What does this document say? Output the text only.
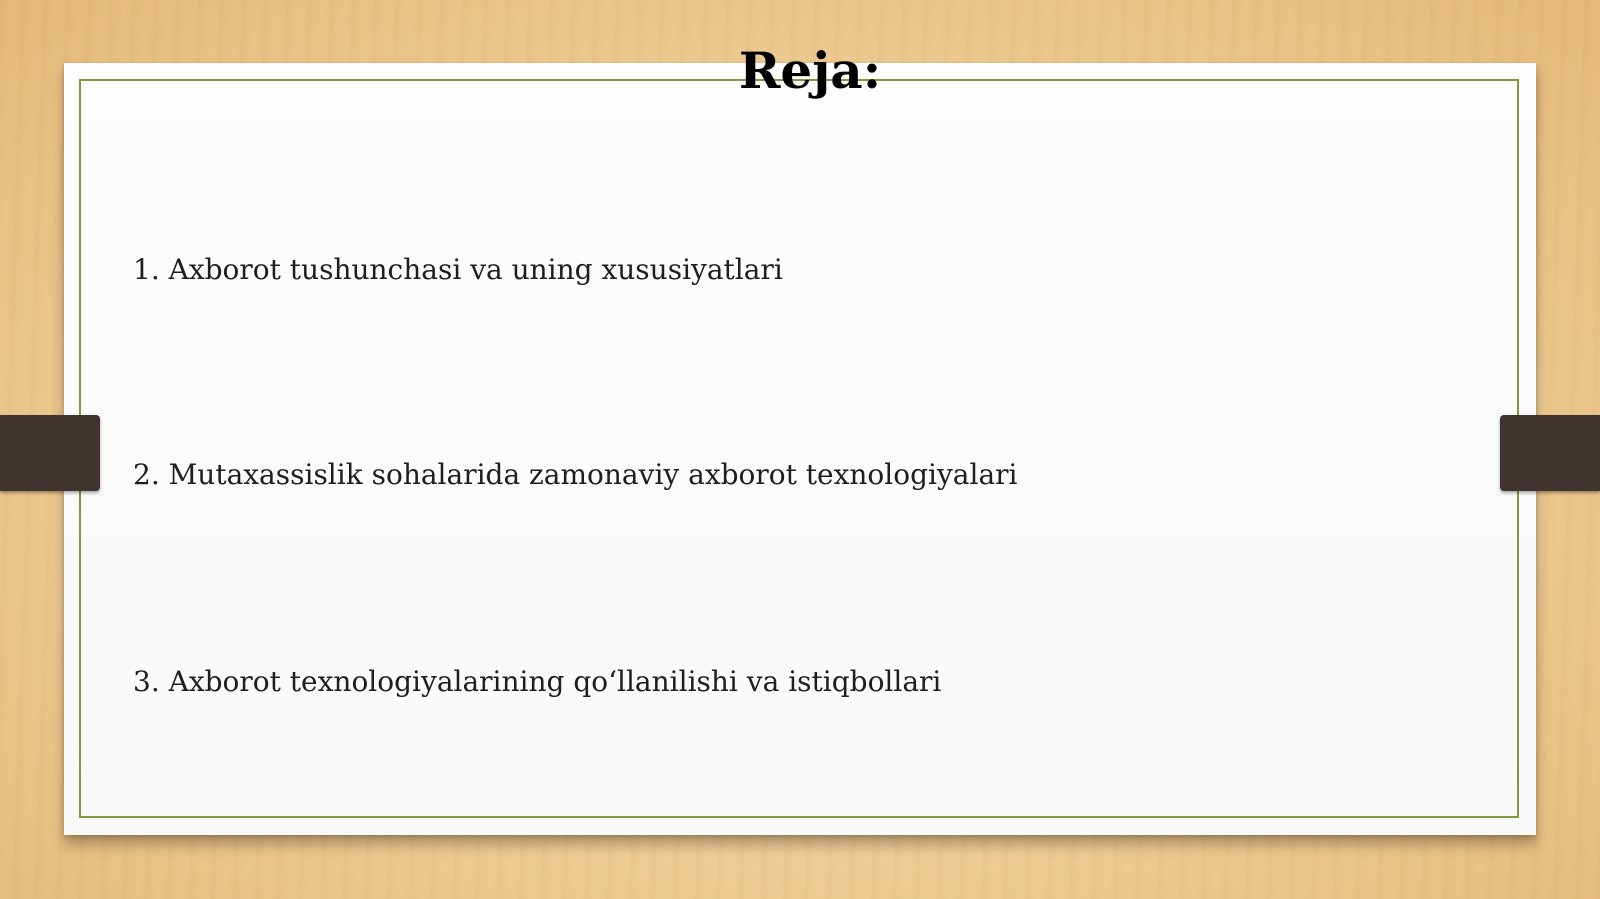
Reja:

1. Axborot tushunchasi va uning xususiyatlari

2. Mutaxassislik sohalarida zamonaviy axborot texnologiyalari

3. Axborot texnologiyalarining qo‘llanilishi va istiqbollari
